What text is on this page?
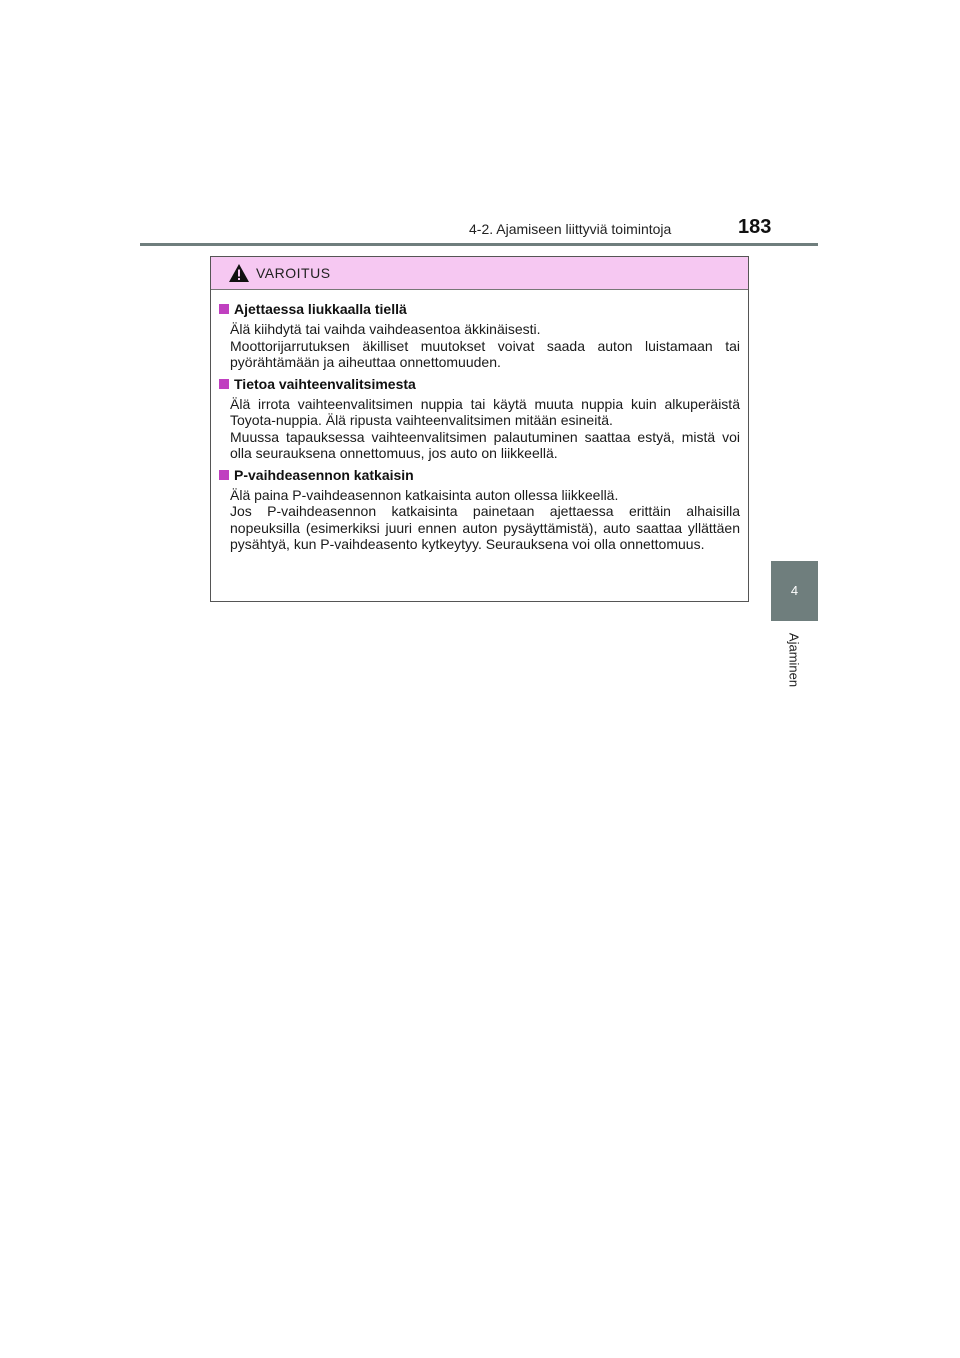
4-2. Ajamiseen liittyviä toimintoja	183
4
Ajaminen
VAROITUS
Ajettaessa liukkaalla tiellä

Älä kiihdytä tai vaihda vaihdeasentoa äkkinäisesti.

Moottorijarrutuksen äkilliset muutokset voivat saada auton luistamaan tai pyörähtämään ja aiheuttaa onnettomuuden.

Tietoa vaihteenvalitsimesta

Älä irrota vaihteenvalitsimen nuppia tai käytä muuta nuppia kuin alkuperäistä Toyota-nuppia. Älä ripusta vaihteenvalitsimen mitään esineitä.

Muussa tapauksessa vaihteenvalitsimen palautuminen saattaa estyä, mistä voi olla seurauksena onnettomuus, jos auto on liikkeellä.

P-vaihdeasennon katkaisin

Älä paina P-vaihdeasennon katkaisinta auton ollessa liikkeellä.

Jos P-vaihdeasennon katkaisinta painetaan ajettaessa erittäin alhaisilla nopeuksilla (esimerkiksi juuri ennen auton pysäyttämistä), auto saattaa yllättäen pysähtyä, kun P-vaihdeasento kytkeytyy. Seurauksena voi olla onnettomuus.
